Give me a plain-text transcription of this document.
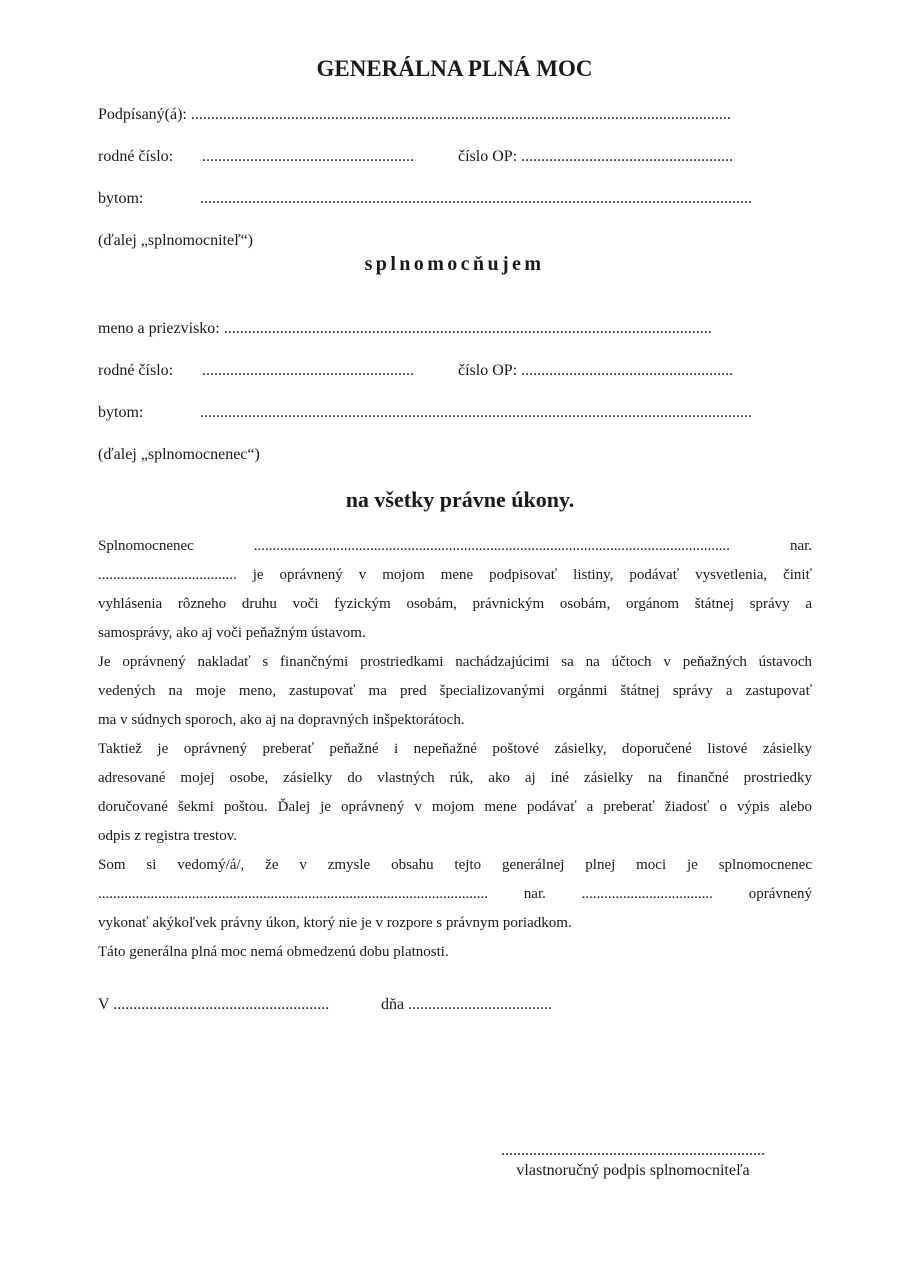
GENERÁLNA PLNÁ MOC
Podpísaný(á): .......................................................................................................................................
rodné číslo: .....................................................	číslo OP: .....................................................
bytom:	..........................................................................................................................................
(ďalej „splnomocniteľ“)
splnomocňujem
meno a priezvisko: ..........................................................................................................................
rodné číslo: .....................................................	číslo OP: .....................................................
bytom:	..........................................................................................................................................
(ďalej „splnomocnenec“)
na všetky právne úkony.
Splnomocnenec	...............................................................................................................................	nar.
..................................... je oprávnený v mojom mene podpisovať listiny, podávať vysvetlenia, činiť
vyhlásenia rôzneho druhu voči fyzickým osobám, právnickým osobám, orgánom štátnej správy a
samosprávy, ako aj voči peňažným ústavom.
Je oprávnený nakladať s finančnými prostriedkami nachádzajúcimi sa na účtoch v peňažných ústavoch
vedených na moje meno, zastupovať ma pred špecializovanými orgánmi štátnej správy a zastupovať
ma v súdnych sporoch, ako aj na dopravných inšpektorátoch.
Taktiež je oprávnený preberať peňažné i nepeňažné poštové zásielky, doporučené listové zásielky
adresované mojej osobe, zásielky do vlastných rúk, ako aj iné zásielky na finančné prostriedky
doručované šekmi poštou. Ďalej je oprávnený v mojom mene podávať a preberať žiadosť o výpis alebo
odpis z registra trestov.
Som si vedomý/á/, že v zmysle obsahu tejto generálnej plnej moci je splnomocnenec
........................................................................................................ nar. ................................... oprávnený
vykonať akýkoľvek právny úkon, ktorý nie je v rozpore s právnym poriadkom.
Táto generálna plná moc nemá obmedzenú dobu platnosti.
V ......................................................	dňa ....................................
..................................................................
vlastnoručný podpis splnomocniteľa
